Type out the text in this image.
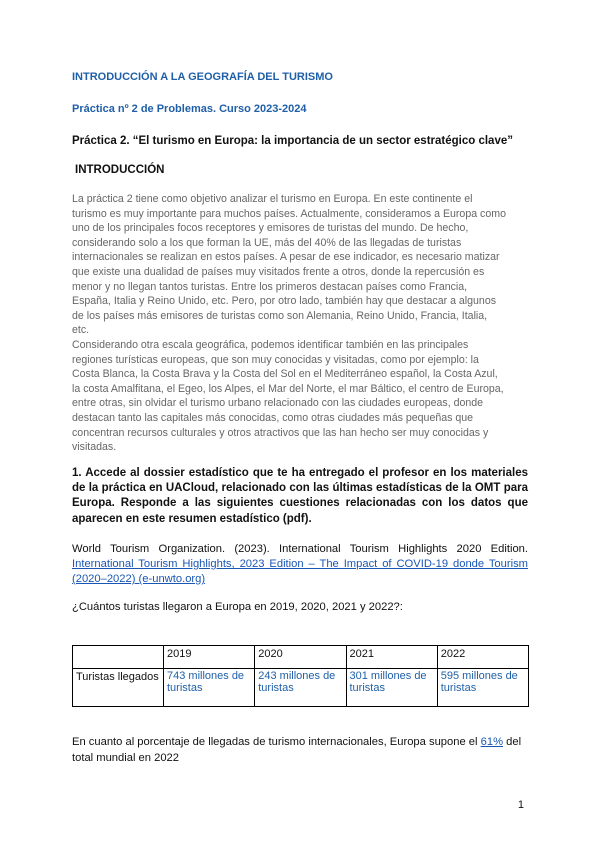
INTRODUCCIÓN A LA GEOGRAFÍA DEL TURISMO

Práctica nº 2 de Problemas. Curso 2023-2024

Práctica 2. “El turismo en Europa: la importancia de un sector estratégico clave”

INTRODUCCIÓN

La práctica 2 tiene como objetivo analizar el turismo en Europa. En este continente el
turismo es muy importante para muchos países. Actualmente, consideramos a Europa como
uno de los principales focos receptores y emisores de turistas del mundo. De hecho,
considerando solo a los que forman la UE, más del 40% de las llegadas de turistas
internacionales se realizan en estos países. A pesar de ese indicador, es necesario matizar
que existe una dualidad de países muy visitados frente a otros, donde la repercusión es
menor y no llegan tantos turistas. Entre los primeros destacan países como Francia,
España, Italia y Reino Unido, etc. Pero, por otro lado, también hay que destacar a algunos
de los países más emisores de turistas como son Alemania, Reino Unido, Francia, Italia,
etc.
Considerando otra escala geográfica, podemos identificar también en las principales
regiones turísticas europeas, que son muy conocidas y visitadas, como por ejemplo: la
Costa Blanca, la Costa Brava y la Costa del Sol en el Mediterráneo español, la Costa Azul,
la costa Amalfitana, el Egeo, los Alpes, el Mar del Norte, el mar Báltico, el centro de Europa,
entre otras, sin olvidar el turismo urbano relacionado con las ciudades europeas, donde
destacan tanto las capitales más conocidas, como otras ciudades más pequeñas que
concentran recursos culturales y otros atractivos que las han hecho ser muy conocidas y
visitadas.

1. Accede al dossier estadístico que te ha entregado el profesor en los materiales de la práctica en UACloud, relacionado con las últimas estadísticas de la OMT para Europa. Responde a las siguientes cuestiones relacionadas con los datos que aparecen en este resumen estadístico (pdf).

World Tourism Organization. (2023). International Tourism Highlights 2020 Edition. International Tourism Highlights, 2023 Edition – The Impact of COVID-19 donde Tourism (2020–2022) (e-unwto.org)

¿Cuántos turistas llegaron a Europa en 2019, 2020, 2021 y 2022?:

	2019	2020	2021	2022
Turistas llegados	743 millones de turistas	243 millones de turistas	301 millones de turistas	595 millones de turistas

En cuanto al porcentaje de llegadas de turismo internacionales, Europa supone el 61% del total mundial en 2022

1
